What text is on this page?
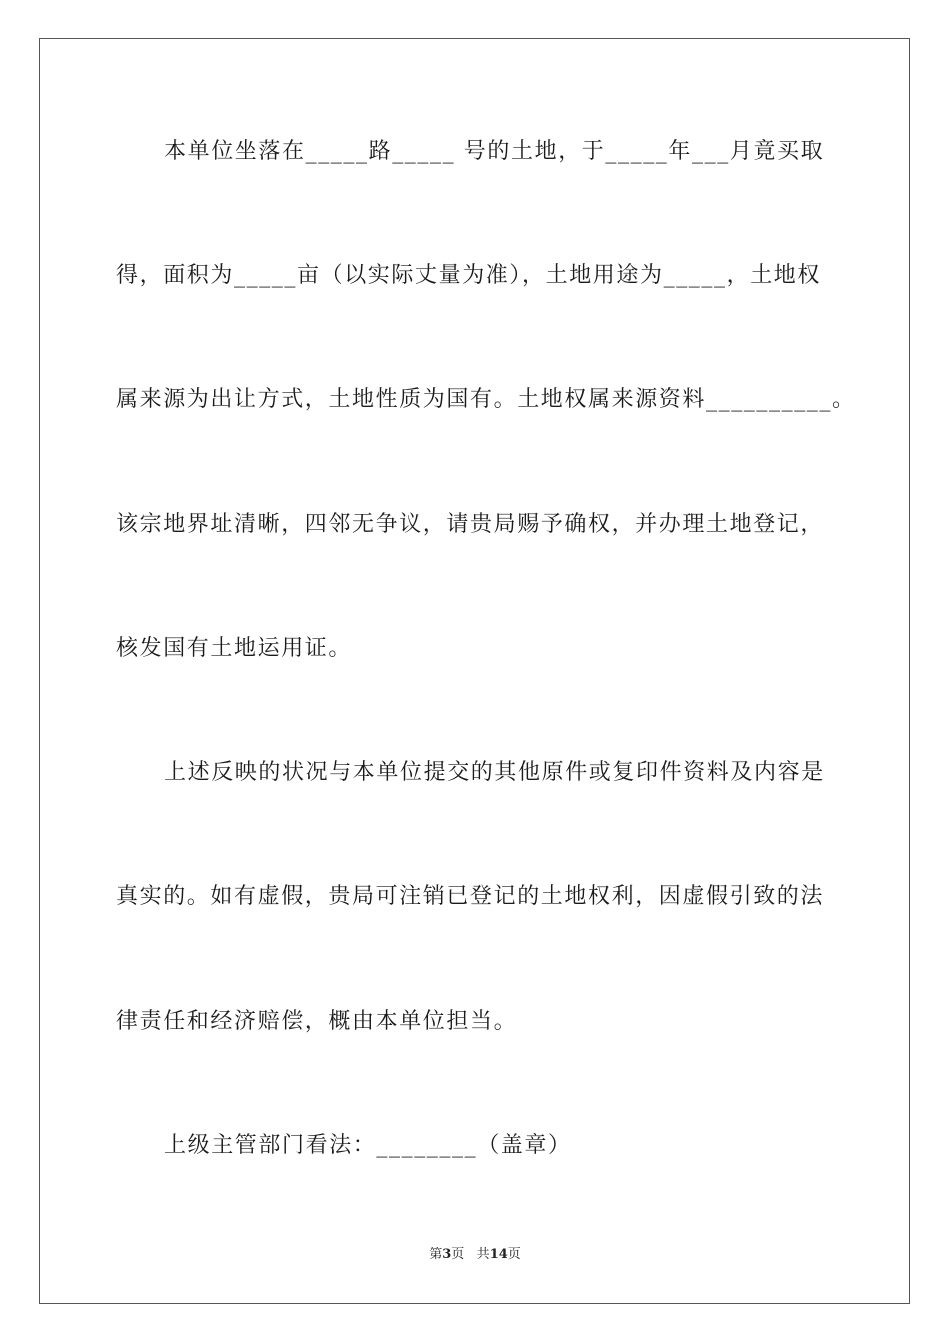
本单位坐落在_____路_____ 号的土地，于_____年___月竟买取
得，面积为_____亩（以实际丈量为准），土地用途为_____，土地权
属来源为出让方式，土地性质为国有。土地权属来源资料__________。
该宗地界址清晰，四邻无争议，请贵局赐予确权，并办理土地登记，
核发国有土地运用证。
上述反映的状况与本单位提交的其他原件或复印件资料及内容是
真实的。如有虚假，贵局可注销已登记的土地权利，因虚假引致的法
律责任和经济赔偿，概由本单位担当。
上级主管部门看法：________（盖章）
第3页 共14页
